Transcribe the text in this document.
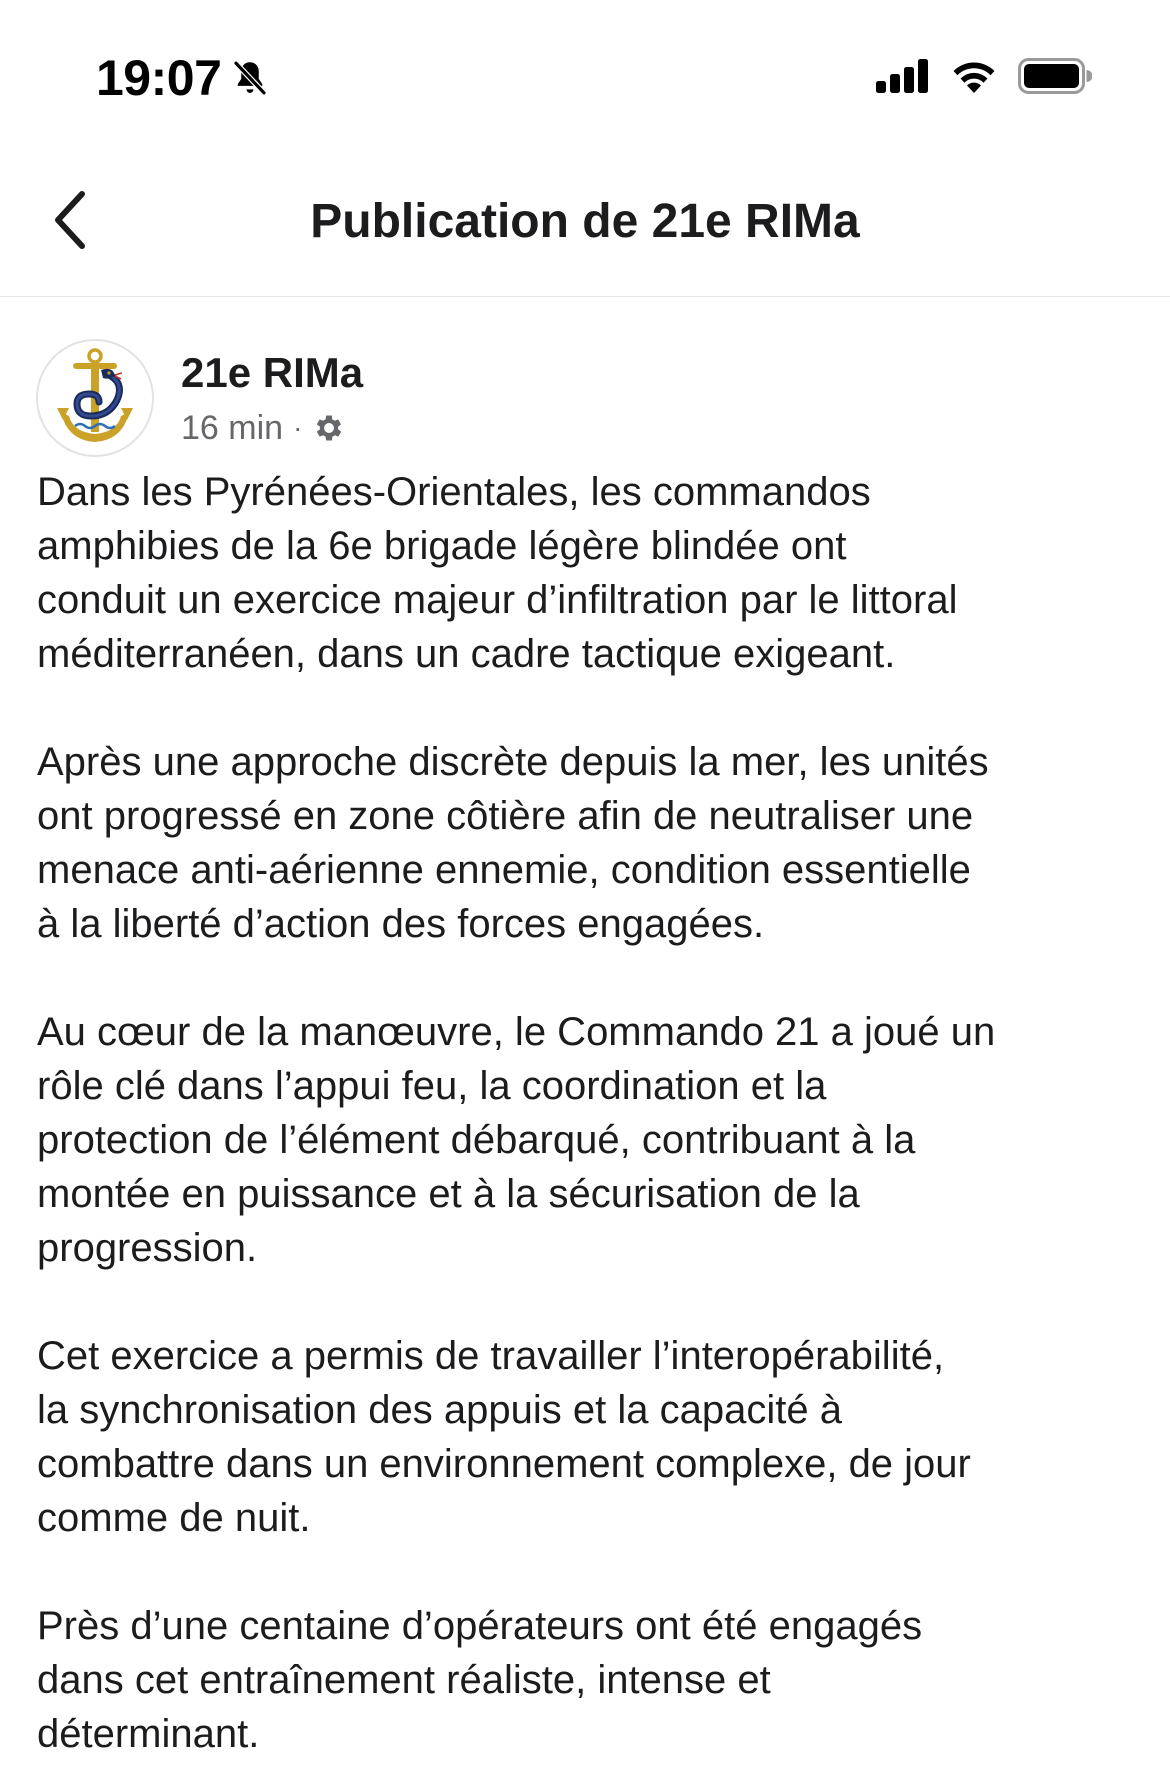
19:07
Publication de 21e RIMa
21e RIMa
16 min ·

Dans les Pyrénées-Orientales, les commandos
amphibies de la 6e brigade légère blindée ont
conduit un exercice majeur d’infiltration par le littoral
méditerranéen, dans un cadre tactique exigeant.

Après une approche discrète depuis la mer, les unités
ont progressé en zone côtière afin de neutraliser une
menace anti-aérienne ennemie, condition essentielle
à la liberté d’action des forces engagées.

Au cœur de la manœuvre, le Commando 21 a joué un
rôle clé dans l’appui feu, la coordination et la
protection de l’élément débarqué, contribuant à la
montée en puissance et à la sécurisation de la
progression.

Cet exercice a permis de travailler l’interopérabilité,
la synchronisation des appuis et la capacité à
combattre dans un environnement complexe, de jour
comme de nuit.

Près d’une centaine d’opérateurs ont été engagés
dans cet entraînement réaliste, intense et
déterminant.
